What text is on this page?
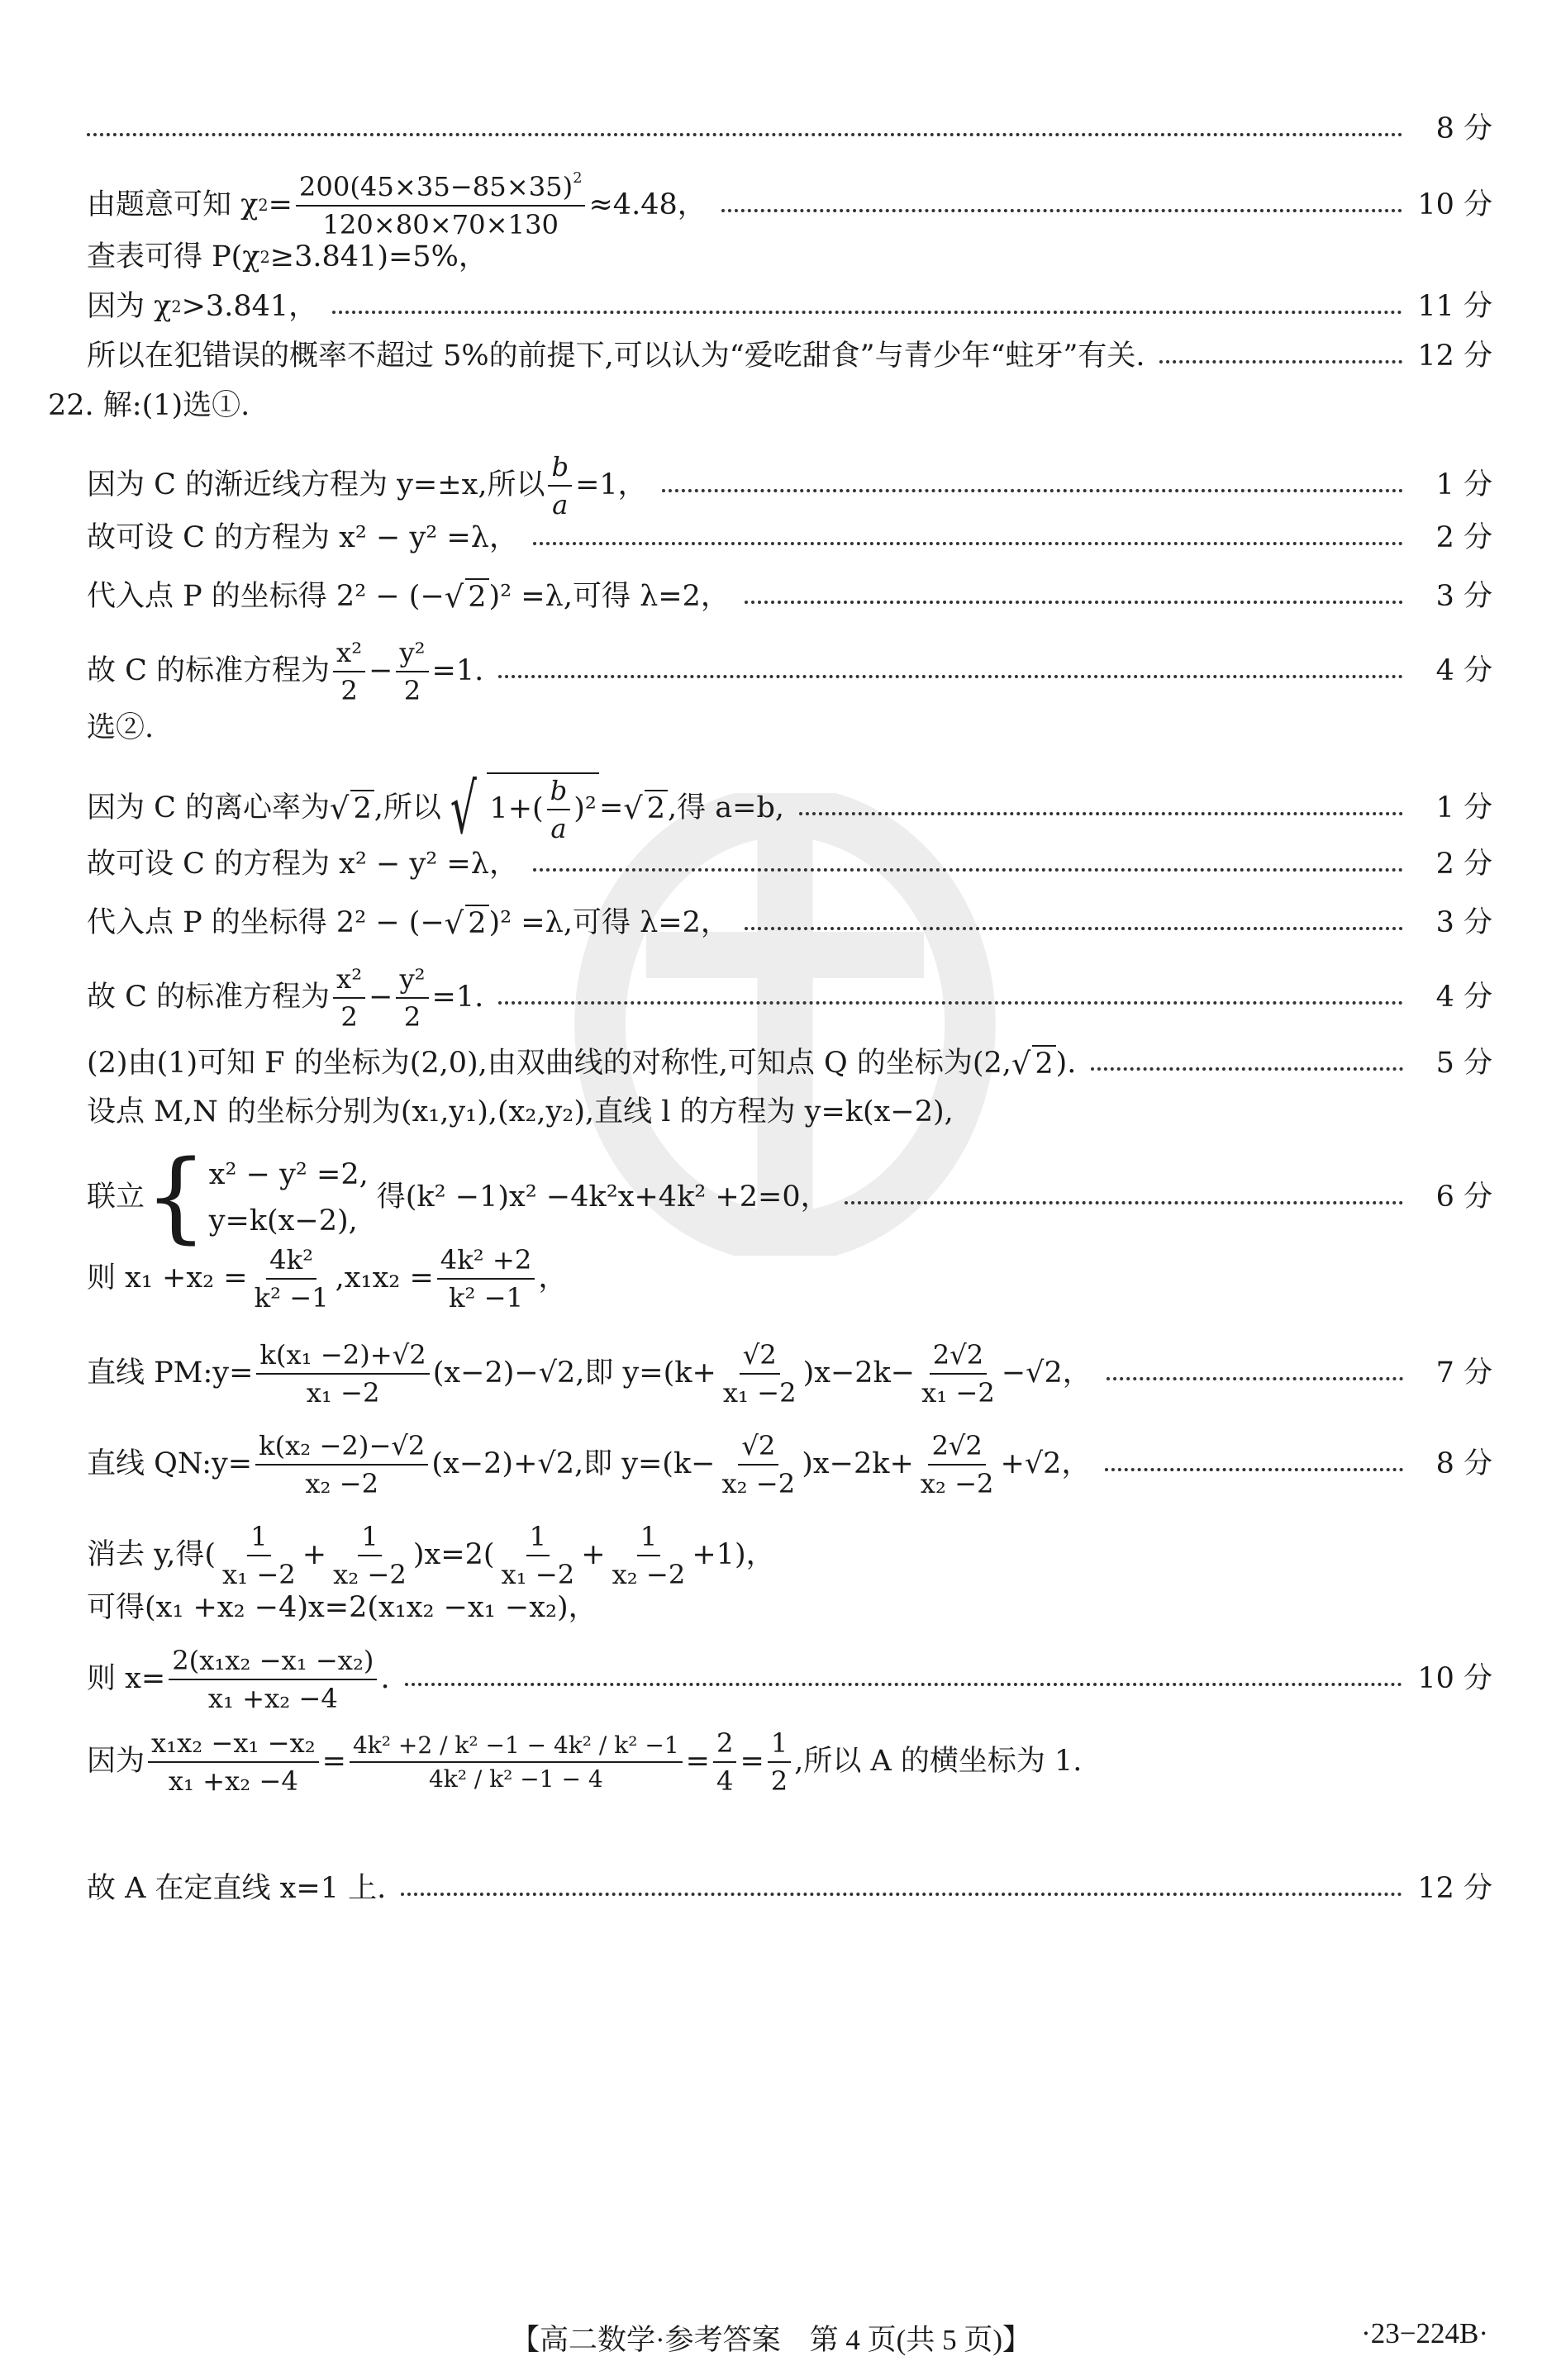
8 分
由题意可知 χ $2 = \frac{200(45\times 35-85\times 35)^2}{120\times 80\times 70\times 130} \approx 4.48$，	10 分
查表可得 P(χ 2 ≥3.841)=5%，
因为 χ 2 >3.841，	11 分
所以在犯错误的概率不超过 5%的前提下,可以认为“爱吃甜食”与青少年“蛀牙”有关.	12 分
22. 解:(1)选①.
因为 C 的渐近线方程为 y=±x,所以 $\frac{b}{a} =1$，	1 分
故可设 C 的方程为 x² − y² =λ，	2 分
代入点 P 的坐标得 2² − (− √ 2 )² =λ,可得 λ=2，	3 分
故 C 的标准方程为 $\frac{\text{x²}}{2} - \frac{\text{y²}}{2} =1$.	4 分
选②.
因为 C 的离心率为 √ 2 ,所以 √ $1+( \frac{b}{a} )^2$ = √ 2 ,得 a=b,	1 分
故可设 C 的方程为 x² − y² =λ，	2 分
代入点 P 的坐标得 2² − (− √ 2 )² =λ,可得 λ=2，	3 分
故 C 的标准方程为 $\frac{\text{x²}}{2} - \frac{\text{y²}}{2} =1$.	4 分
(2)由(1)可知 F 的坐标为(2,0),由双曲线的对称性,可知点 Q 的坐标为(2, √ 2 ).	5 分
设点 M,N 的坐标分别为(x₁,y₁),(x₂,y₂),直线 l 的方程为 y=k(x−2),
联立 { x² − y² =2,
y=k(x−2),
得(k² −1)x² −4k²x+4k² +2=0，	6 分
则 $x_1 +x_2 = \frac{\text{4k²}}{\text{k² −1}} ,x_1x_2 = \frac{\text{4k² +2}}{\text{k² −1}}$ ，
直线 PM:y= $\frac{\text{k(x₁ −2)+√2}}{\text{x₁ −2}} (x-2)-√2$,即 $y=(k+ \frac{√2}{\text{x₁ −2}} )x-2k- \frac{2√2}{\text{x₁ −2}} -√2$，	7 分
直线 QN:y= $\frac{\text{k(x₂ −2)−√2}}{\text{x₂ −2}} (x-2)+√2$,即 $y=(k- \frac{√2}{\text{x₂ −2}} )x-2k+ \frac{2√2}{\text{x₂ −2}} +√2$，	8 分
消去 y,得( $\frac{1}{\text{x₁ −2}} + \frac{1}{\text{x₂ −2}} )x=2( \frac{1}{\text{x₁ −2}} + \frac{1}{\text{x₂ −2}} +1)$，
可得(x₁ +x₂ −4)x=2(x₁x₂ −x₁ −x₂)，
则 $x= \frac{\text{2(x₁x₂ −x₁ −x₂)}}{\text{x₁ +x₂ −4}}$ .	10 分
因为 $\frac{\text{x₁x₂ −x₁ −x₂}}{\text{x₁ +x₂ −4}} = \frac{\text{4k² +2 / k² −1 − 4k² / k² −1}}{\text{4k² / k² −1 − 4}} = \frac{2}{4} = \frac{1}{2}$ ,所以 A 的横坐标为 1.
故 A 在定直线 x=1 上.	12 分
【高二数学·参考答案　第 4 页(共 5 页)】	·23−224B·
